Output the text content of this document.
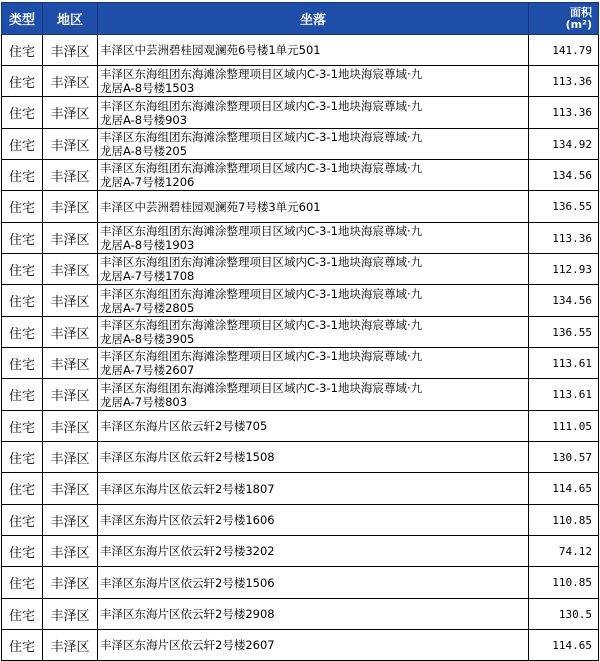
类型	地区	坐落	面积
(m²)

住宅	丰泽区	丰泽区中芸洲碧桂园观澜苑6号楼1单元501	141.79
住宅	丰泽区	丰泽区东海组团东海滩涂整理项目区域内C-3-1地块海宸尊域·九
龙居A-8号楼1503	113.36
住宅	丰泽区	丰泽区东海组团东海滩涂整理项目区域内C-3-1地块海宸尊域·九
龙居A-8号楼903	113.36
住宅	丰泽区	丰泽区东海组团东海滩涂整理项目区域内C-3-1地块海宸尊域·九
龙居A-8号楼205	134.92
住宅	丰泽区	丰泽区东海组团东海滩涂整理项目区域内C-3-1地块海宸尊域·九
龙居A-7号楼1206	134.56
住宅	丰泽区	丰泽区中芸洲碧桂园观澜苑7号楼3单元601	136.55
住宅	丰泽区	丰泽区东海组团东海滩涂整理项目区域内C-3-1地块海宸尊域·九
龙居A-8号楼1903	113.36
住宅	丰泽区	丰泽区东海组团东海滩涂整理项目区域内C-3-1地块海宸尊域·九
龙居A-7号楼1708	112.93
住宅	丰泽区	丰泽区东海组团东海滩涂整理项目区域内C-3-1地块海宸尊域·九
龙居A-7号楼2805	134.56
住宅	丰泽区	丰泽区东海组团东海滩涂整理项目区域内C-3-1地块海宸尊域·九
龙居A-8号楼3905	136.55
住宅	丰泽区	丰泽区东海组团东海滩涂整理项目区域内C-3-1地块海宸尊域·九
龙居A-7号楼2607	113.61
住宅	丰泽区	丰泽区东海组团东海滩涂整理项目区域内C-3-1地块海宸尊域·九
龙居A-7号楼803	113.61
住宅	丰泽区	丰泽区东海片区依云轩2号楼705	111.05
住宅	丰泽区	丰泽区东海片区依云轩2号楼1508	130.57
住宅	丰泽区	丰泽区东海片区依云轩2号楼1807	114.65
住宅	丰泽区	丰泽区东海片区依云轩2号楼1606	110.85
住宅	丰泽区	丰泽区东海片区依云轩2号楼3202	74.12
住宅	丰泽区	丰泽区东海片区依云轩2号楼1506	110.85
住宅	丰泽区	丰泽区东海片区依云轩2号楼2908	130.5
住宅	丰泽区	丰泽区东海片区依云轩2号楼2607	114.65
